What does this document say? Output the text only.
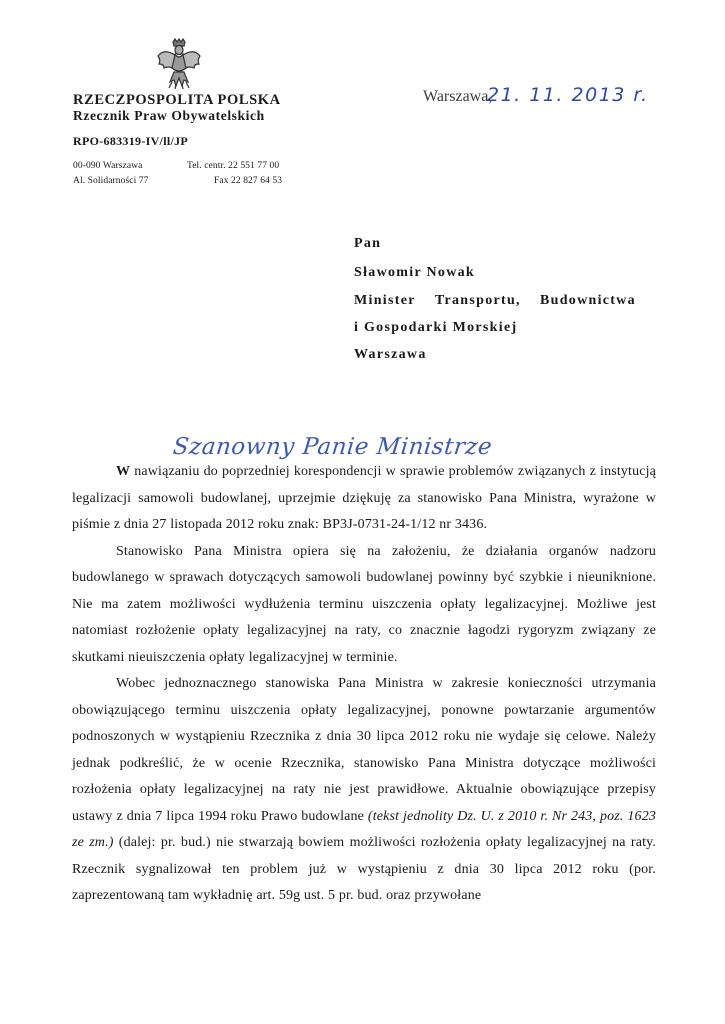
RZECZPOSPOLITA POLSKA
Rzecznik Praw Obywatelskich
RPO-683319-IV/ll/JP
00-090 Warszawa
Al. Solidarności 77
Tel. centr. 22 551 77 00
Fax 22 827 64 53
Warszawa,
21. 11. 2013 r.
Pan
Sławomir Nowak
Minister Transportu, Budownictwa
i Gospodarki Morskiej
Warszawa
Szanowny Panie Ministrze

W nawiązaniu do poprzedniej korespondencji w sprawie problemów związanych z instytucją legalizacji samowoli budowlanej, uprzejmie dziękuję za stanowisko Pana Ministra, wyrażone w piśmie z dnia 27 listopada 2012 roku znak: BP3J-0731-24-1/12 nr 3436.

Stanowisko Pana Ministra opiera się na założeniu, że działania organów nadzoru budowlanego w sprawach dotyczących samowoli budowlanej powinny być szybkie i nieuniknione. Nie ma zatem możliwości wydłużenia terminu uiszczenia opłaty legalizacyjnej. Możliwe jest natomiast rozłożenie opłaty legalizacyjnej na raty, co znacznie łagodzi rygoryzm związany ze skutkami nieuiszczenia opłaty legalizacyjnej w terminie.

Wobec jednoznacznego stanowiska Pana Ministra w zakresie konieczności utrzymania obowiązującego terminu uiszczenia opłaty legalizacyjnej, ponowne powtarzanie argumentów podnoszonych w wystąpieniu Rzecznika z dnia 30 lipca 2012 roku nie wydaje się celowe. Należy jednak podkreślić, że w ocenie Rzecznika, stanowisko Pana Ministra dotyczące możliwości rozłożenia opłaty legalizacyjnej na raty nie jest prawidłowe. Aktualnie obowiązujące przepisy ustawy z dnia 7 lipca 1994 roku Prawo budowlane (tekst jednolity Dz. U. z 2010 r. Nr 243, poz. 1623 ze zm.) (dalej: pr. bud.) nie stwarzają bowiem możliwości rozłożenia opłaty legalizacyjnej na raty. Rzecznik sygnalizował ten problem już w wystąpieniu z dnia 30 lipca 2012 roku (por. zaprezentowaną tam wykładnię art. 59g ust. 5 pr. bud. oraz przywołane
